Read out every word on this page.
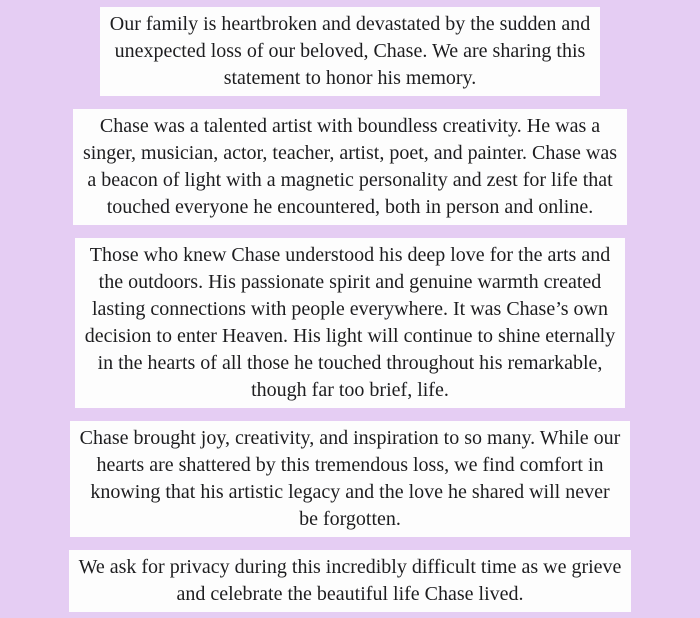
Our family is heartbroken and devastated by the sudden and

unexpected loss of our beloved, Chase. We are sharing this

statement to honor his memory.

Chase was a talented artist with boundless creativity. He was a

singer, musician, actor, teacher, artist, poet, and painter. Chase was

a beacon of light with a magnetic personality and zest for life that

touched everyone he encountered, both in person and online.

Those who knew Chase understood his deep love for the arts and

the outdoors. His passionate spirit and genuine warmth created

lasting connections with people everywhere. It was Chase’s own

decision to enter Heaven. His light will continue to shine eternally

in the hearts of all those he touched throughout his remarkable,

though far too brief, life.

Chase brought joy, creativity, and inspiration to so many. While our

hearts are shattered by this tremendous loss, we find comfort in

knowing that his artistic legacy and the love he shared will never

be forgotten.

We ask for privacy during this incredibly difficult time as we grieve

and celebrate the beautiful life Chase lived.
